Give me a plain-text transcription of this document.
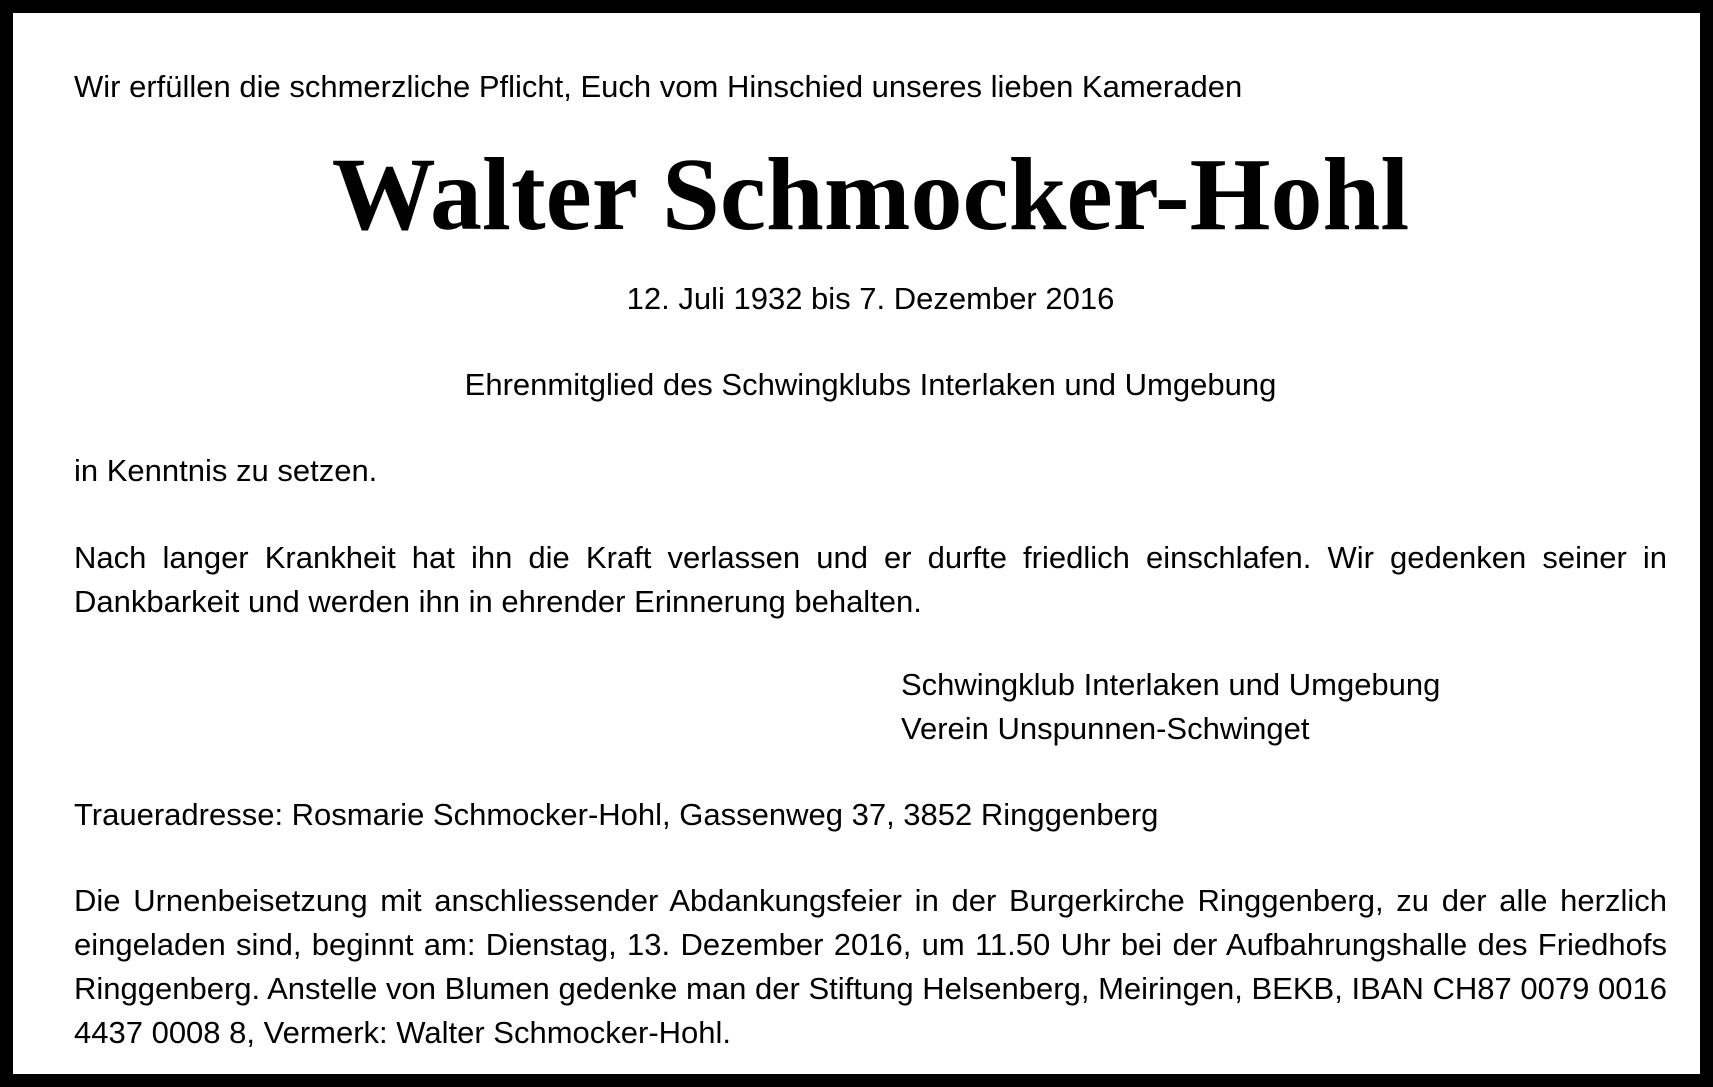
Wir erfüllen die schmerzliche Pflicht, Euch vom Hinschied unseres lieben Kameraden

Walter Schmocker-Hohl

12. Juli 1932 bis 7. Dezember 2016

Ehrenmitglied des Schwingklubs Interlaken und Umgebung

in Kenntnis zu setzen.

Nach langer Krankheit hat ihn die Kraft verlassen und er durfte friedlich einschlafen. Wir gedenken seiner in Dankbarkeit und werden ihn in ehrender Erinnerung behalten.

Schwingklub Interlaken und Umgebung

Verein Unspunnen-Schwinget

Traueradresse: Rosmarie Schmocker-Hohl, Gassenweg 37, 3852 Ringgenberg

Die Urnenbeisetzung mit anschliessender Abdankungsfeier in der Burgerkirche Ringgenberg, zu der alle herzlich eingeladen sind, beginnt am: Dienstag, 13. Dezember 2016, um 11.50 Uhr bei der Aufbahrungshalle des Friedhofs Ringgenberg. Anstelle von Blumen gedenke man der Stiftung Helsenberg, Meiringen, BEKB, IBAN CH87 0079 0016 4437 0008 8, Vermerk: Walter Schmocker-Hohl.
